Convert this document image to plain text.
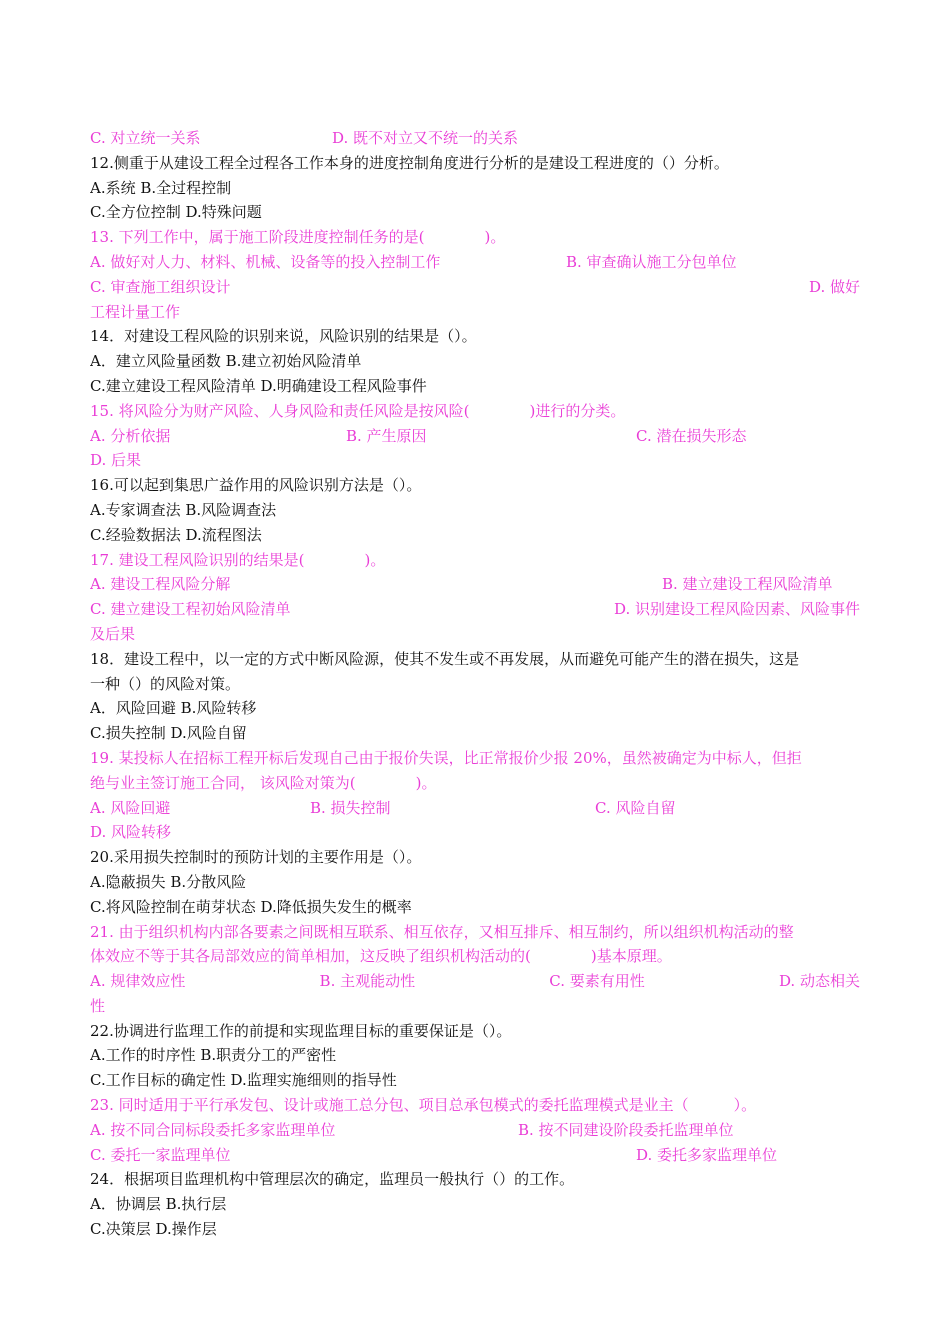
C. 对立统一关系	D. 既不对立又不统一的关系
12.侧重于从建设工程全过程各工作本身的进度控制角度进行分析的是建设工程进度的（）分析。
A.系统 B.全过程控制
C.全方位控制 D.特殊问题
13. 下列工作中，属于施工阶段进度控制任务的是(　　　　)。
A. 做好对人力、材料、机械、设备等的投入控制工作	B. 审查确认施工分包单位
C. 审查施工组织设计	D. 做好
工程计量工作
14．对建设工程风险的识别来说，风险识别的结果是（）。
A．建立风险量函数 B.建立初始风险清单
C.建立建设工程风险清单 D.明确建设工程风险事件
15. 将风险分为财产风险、人身风险和责任风险是按风险(　　　　)进行的分类。
A. 分析依据	B. 产生原因	C. 潜在损失形态
D. 后果
16.可以起到集思广益作用的风险识别方法是（）。
A.专家调查法 B.风险调查法
C.经验数据法 D.流程图法
17. 建设工程风险识别的结果是(　　　　)。
A. 建设工程风险分解	B. 建立建设工程风险清单
C. 建立建设工程初始风险清单	D. 识别建设工程风险因素、风险事件
及后果
18．建设工程中，以一定的方式中断风险源，使其不发生或不再发展，从而避免可能产生的潜在损失，这是
一种（）的风险对策。
A．风险回避 B.风险转移
C.损失控制 D.风险自留
19. 某投标人在招标工程开标后发现自己由于报价失误，比正常报价少报 20%，虽然被确定为中标人，但拒
绝与业主签订施工合同， 该风险对策为(　　　　)。
A. 风险回避	B. 损失控制	C. 风险自留
D. 风险转移
20.采用损失控制时的预防计划的主要作用是（）。
A.隐蔽损失 B.分散风险
C.将风险控制在萌芽状态 D.降低损失发生的概率
21. 由于组织机构内部各要素之间既相互联系、相互依存，又相互排斥、相互制约，所以组织机构活动的整
体效应不等于其各局部效应的简单相加，这反映了组织机构活动的(　　　　)基本原理。
A. 规律效应性	B. 主观能动性	C. 要素有用性	D. 动态相关
性
22.协调进行监理工作的前提和实现监理目标的重要保证是（）。
A.工作的时序性 B.职责分工的严密性
C.工作目标的确定性 D.监理实施细则的指导性
23. 同时适用于平行承发包、设计或施工总分包、项目总承包模式的委托监理模式是业主（　　　）。
A. 按不同合同标段委托多家监理单位	B. 按不同建设阶段委托监理单位
C. 委托一家监理单位	D. 委托多家监理单位
24．根据项目监理机构中管理层次的确定，监理员一般执行（）的工作。
A．协调层 B.执行层
C.决策层 D.操作层
